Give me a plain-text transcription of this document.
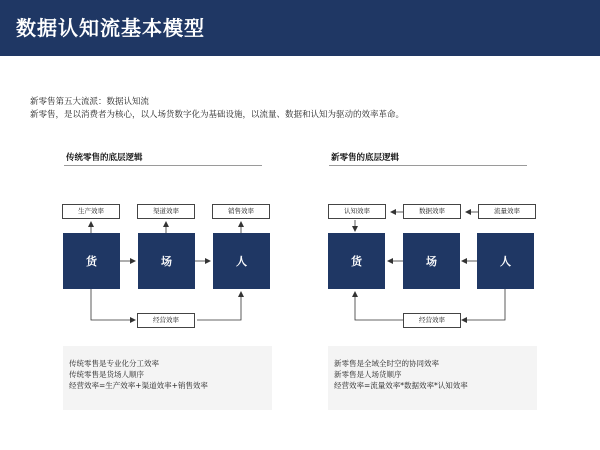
数据认知流基本模型
新零售第五大流派：数据认知流
新零售，是以消费者为核心，以人场货数字化为基础设施，以流量、数据和认知为驱动的效率革命。
传统零售的底层逻辑
生产效率	渠道效率	销售效率
货	场	人
经营效率
传统零售是专业化分工效率
传统零售是货场人顺序
经营效率=生产效率+渠道效率+销售效率
新零售的底层逻辑
认知效率	数据效率	流量效率
货	场	人
经营效率
新零售是全域全时空的协同效率
新零售是人场货顺序
经营效率=流量效率*数据效率*认知效率
